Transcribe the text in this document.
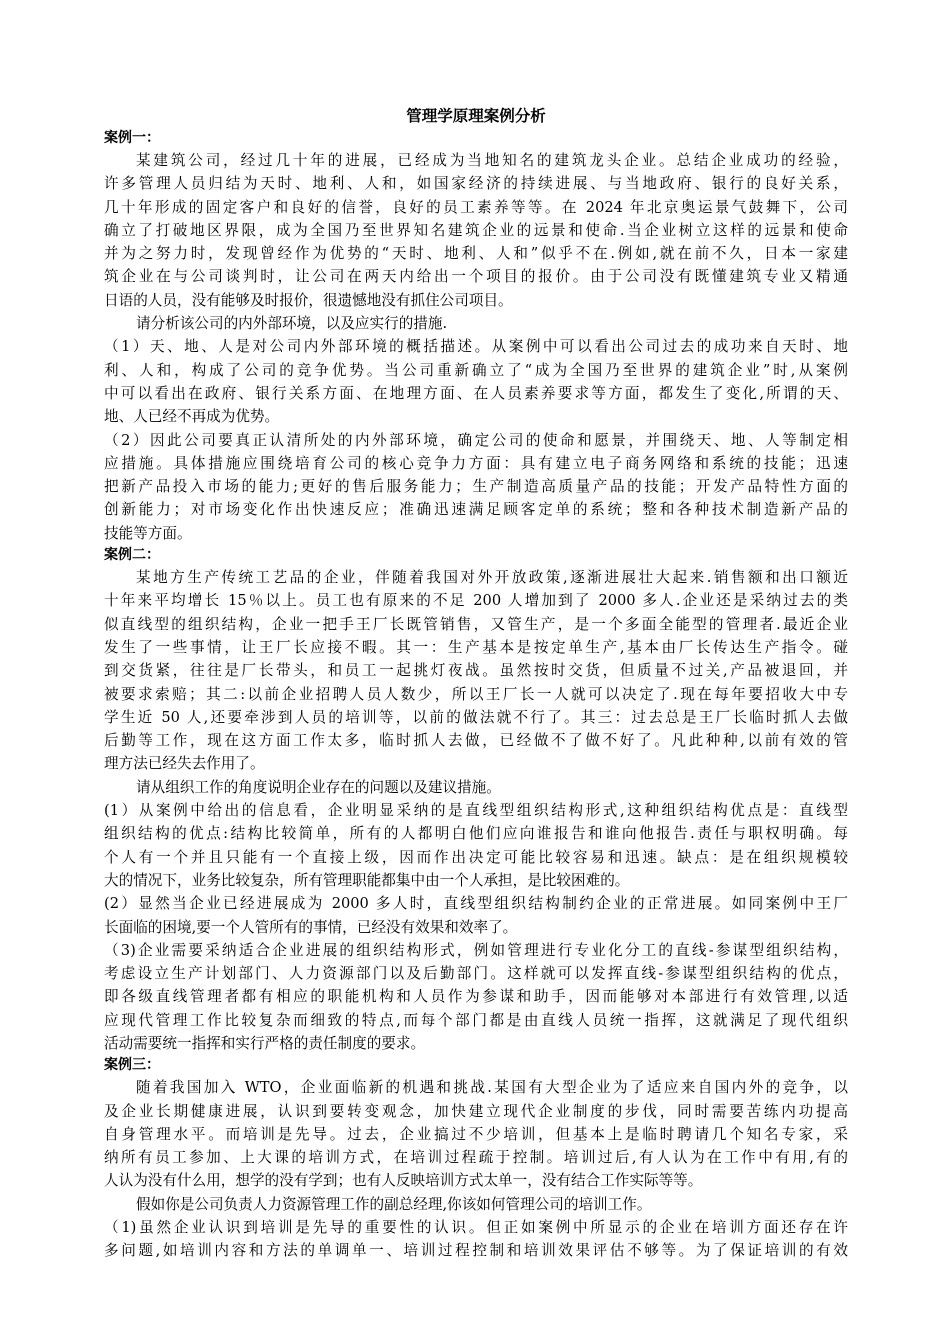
管理学原理案例分析
案例一：
某建筑公司，经过几十年的进展，已经成为当地知名的建筑龙头企业。总结企业成功的经验，
许多管理人员归结为天时、地利、人和，如国家经济的持续进展、与当地政府、银行的良好关系，
几十年形成的固定客户和良好的信誉，良好的员工素养等等。在 2024 年北京奥运景气鼓舞下，公司
确立了打破地区界限，成为全国乃至世界知名建筑企业的远景和使命.当企业树立这样的远景和使命
并为之努力时，发现曾经作为优势的“天时、地利、人和”似乎不在.例如,就在前不久，日本一家建
筑企业在与公司谈判时，让公司在两天内给出一个项目的报价。由于公司没有既懂建筑专业又精通
日语的人员，没有能够及时报价，很遗憾地没有抓住公司项目。
请分析该公司的内外部环境，以及应实行的措施.
（1）天、地、人是对公司内外部环境的概括描述。从案例中可以看出公司过去的成功来自天时、地
利、人和，构成了公司的竞争优势。当公司重新确立了“成为全国乃至世界的建筑企业”时,从案例
中可以看出在政府、银行关系方面、在地理方面、在人员素养要求等方面，都发生了变化,所谓的天、
地、人已经不再成为优势。
（2）因此公司要真正认清所处的内外部环境，确定公司的使命和愿景，并围绕天、地、人等制定相
应措施。具体措施应围绕培育公司的核心竞争力方面：具有建立电子商务网络和系统的技能；迅速
把新产品投入市场的能力;更好的售后服务能力；生产制造高质量产品的技能；开发产品特性方面的
创新能力；对市场变化作出快速反应；准确迅速满足顾客定单的系统；整和各种技术制造新产品的
技能等方面。
案例二：
某地方生产传统工艺品的企业，伴随着我国对外开放政策,逐渐进展壮大起来.销售额和出口额近
十年来平均增长 15％以上。员工也有原来的不足 200 人增加到了 2000 多人.企业还是采纳过去的类
似直线型的组织结构，企业一把手王厂长既管销售，又管生产，是一个多面全能型的管理者.最近企业
发生了一些事情，让王厂长应接不暇。其一：生产基本是按定单生产,基本由厂长传达生产指令。碰
到交货紧，往往是厂长带头，和员工一起挑灯夜战。虽然按时交货，但质量不过关,产品被退回，并
被要求索赔；其二:以前企业招聘人员人数少，所以王厂长一人就可以决定了.现在每年要招收大中专
学生近 50 人,还要牵涉到人员的培训等，以前的做法就不行了。其三：过去总是王厂长临时抓人去做
后勤等工作，现在这方面工作太多，临时抓人去做，已经做不了做不好了。凡此种种,以前有效的管
理方法已经失去作用了。
请从组织工作的角度说明企业存在的问题以及建议措施。
(1）从案例中给出的信息看，企业明显采纳的是直线型组织结构形式,这种组织结构优点是：直线型
组织结构的优点:结构比较简单，所有的人都明白他们应向谁报告和谁向他报告.责任与职权明确。每
个人有一个并且只能有一个直接上级，因而作出决定可能比较容易和迅速。缺点：是在组织规模较
大的情况下，业务比较复杂，所有管理职能都集中由一个人承担，是比较困难的。
(2）显然当企业已经进展成为 2000 多人时，直线型组织结构制约企业的正常进展。如同案例中王厂
长面临的困境,要一个人管所有的事情，已经没有效果和效率了。
（3)企业需要采纳适合企业进展的组织结构形式，例如管理进行专业化分工的直线-参谋型组织结构，
考虑设立生产计划部门、人力资源部门以及后勤部门。这样就可以发挥直线-参谋型组织结构的优点，
即各级直线管理者都有相应的职能机构和人员作为参谋和助手，因而能够对本部进行有效管理,以适
应现代管理工作比较复杂而细致的特点,而每个部门都是由直线人员统一指挥，这就满足了现代组织
活动需要统一指挥和实行严格的责任制度的要求。
案例三：
随着我国加入 WTO，企业面临新的机遇和挑战.某国有大型企业为了适应来自国内外的竞争，以
及企业长期健康进展，认识到要转变观念，加快建立现代企业制度的步伐，同时需要苦练内功提高
自身管理水平。而培训是先导。过去，企业搞过不少培训，但基本上是临时聘请几个知名专家，采
纳所有员工参加、上大课的培训方式，在培训过程疏于控制。培训过后,有人认为在工作中有用,有的
人认为没有什么用，想学的没有学到；也有人反映培训方式太单一，没有结合工作实际等等。
假如你是公司负责人力资源管理工作的副总经理,你该如何管理公司的培训工作。
（1)虽然企业认识到培训是先导的重要性的认识。但正如案例中所显示的企业在培训方面还存在许
多问题,如培训内容和方法的单调单一、培训过程控制和培训效果评估不够等。为了保证培训的有效
